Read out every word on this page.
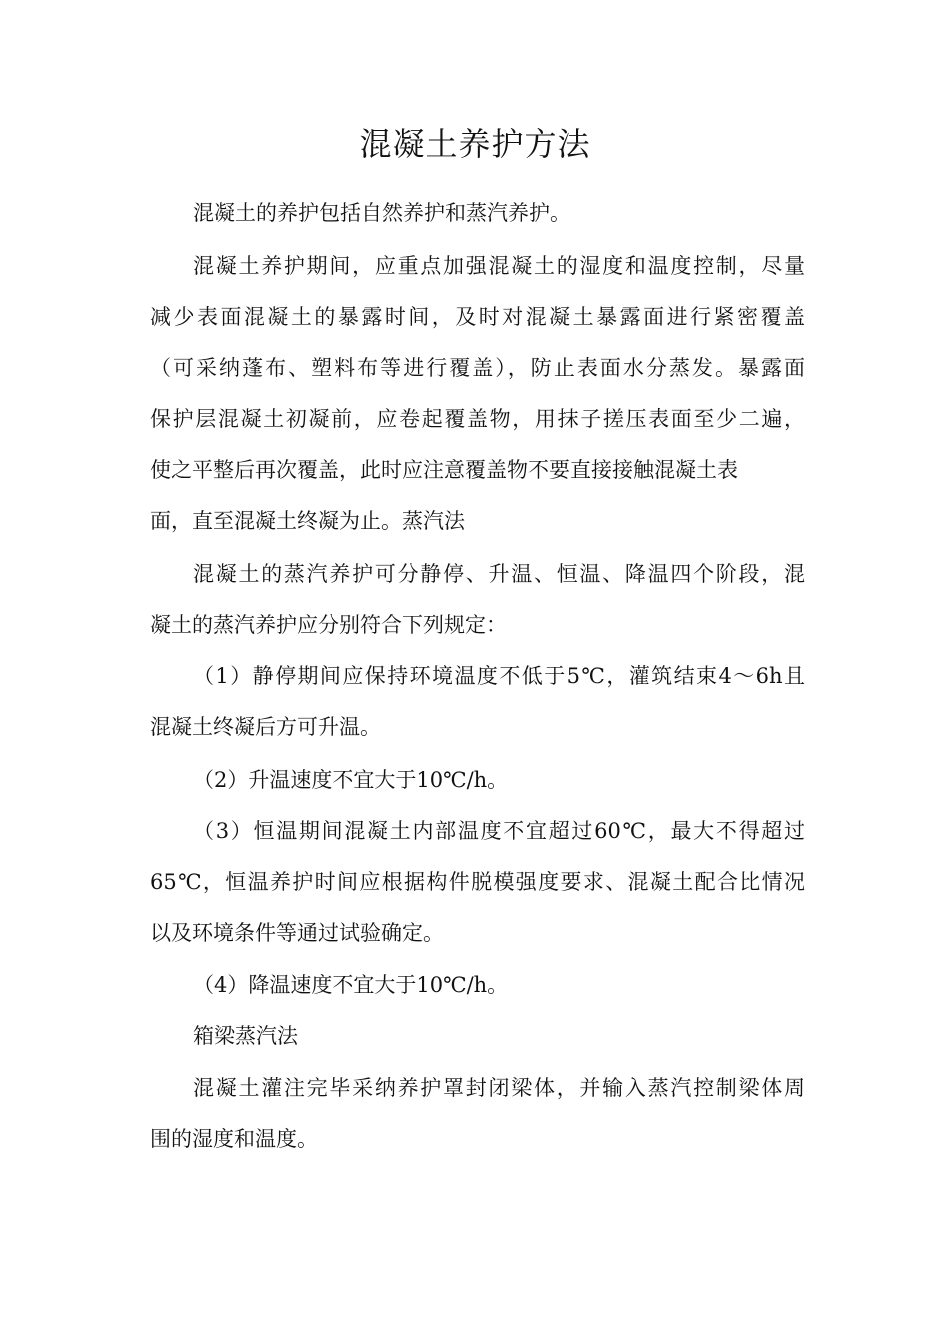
混凝土养护方法

混凝土的养护包括自然养护和蒸汽养护。

混凝土养护期间，应重点加强混凝土的湿度和温度控制，尽量

减少表面混凝土的暴露时间，及时对混凝土暴露面进行紧密覆盖

（可采纳蓬布、塑料布等进行覆盖），防止表面水分蒸发。暴露面

保护层混凝土初凝前，应卷起覆盖物，用抹子搓压表面至少二遍，

使之平整后再次覆盖，此时应注意覆盖物不要直接接触混凝土表

面，直至混凝土终凝为止。蒸汽法

混凝土的蒸汽养护可分静停、升温、恒温、降温四个阶段，混

凝土的蒸汽养护应分别符合下列规定：

（1）静停期间应保持环境温度不低于5℃，灌筑结束4～6h且

混凝土终凝后方可升温。

（2）升温速度不宜大于10℃/h。

（3）恒温期间混凝土内部温度不宜超过60℃，最大不得超过

65℃，恒温养护时间应根据构件脱模强度要求、混凝土配合比情况

以及环境条件等通过试验确定。

（4）降温速度不宜大于10℃/h。

箱梁蒸汽法

混凝土灌注完毕采纳养护罩封闭梁体，并输入蒸汽控制梁体周

围的湿度和温度。
